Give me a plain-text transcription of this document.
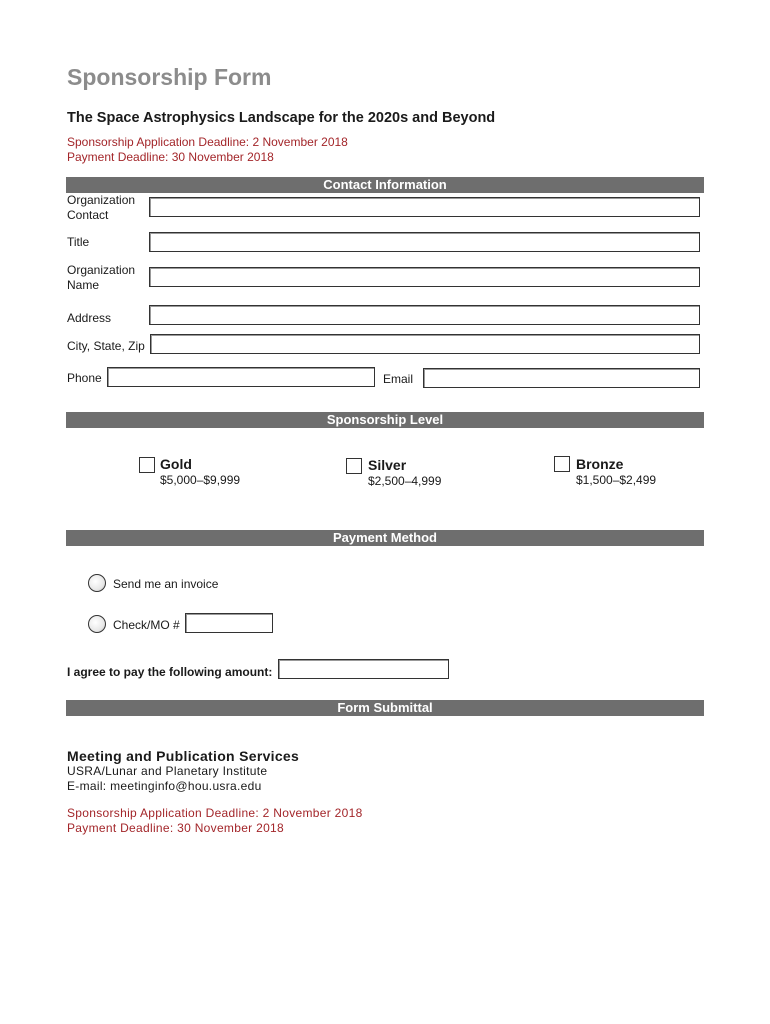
Sponsorship Form
The Space Astrophysics Landscape for the 2020s and Beyond
Sponsorship Application Deadline: 2 November 2018
Payment Deadline: 30 November 2018
Contact Information
Organization
Contact
Title
Organization
Name
Address
City, State, Zip
Phone	Email
Sponsorship Level
Gold
$5,000–$9,999
Silver
$2,500–4,999
Bronze
$1,500–$2,499
Payment Method
Send me an invoice
Check/MO #
I agree to pay the following amount:
Form Submittal
Meeting and Publication Services
USRA/Lunar and Planetary Institute
E-mail: meetinginfo@hou.usra.edu
Sponsorship Application Deadline: 2 November 2018
Payment Deadline: 30 November 2018
